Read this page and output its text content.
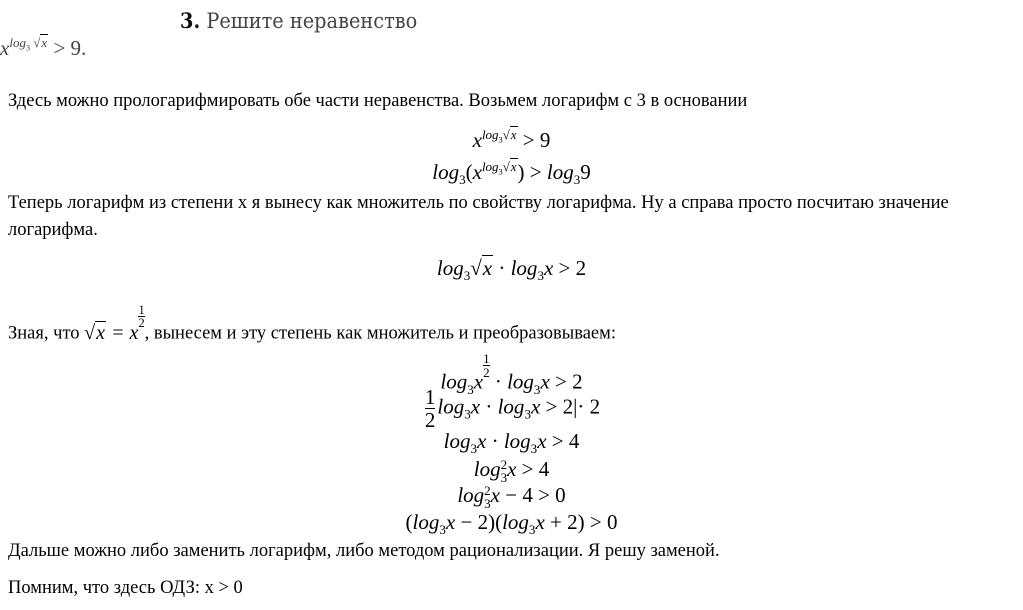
3. Решите неравенство
$x^{log_3 √x} > 9$.
Здесь можно прологарифмировать обе части неравенства. Возьмем логарифм с 3 в основании
$x^{log_3√x} > 9$
$\log_3(x^{log_3√x}) > \log_39$
Теперь логарифм из степени x я вынесу как множитель по свойству логарифма. Ну а справа просто посчитаю значение логарифма.
$\log_3√x \cdot \log_3x > 2$
Зная, что √x = x
$\frac{1}{2}$
, вынесем и эту степень как множитель и преобразовываем:
$\log_3x$
$\frac{1}{2}$
· $\log_3x > 2$
$\frac{1}{2} \log_3x \cdot \log_3x > 2|\cdot 2$
$\log_3x \cdot \log_3x > 4$
log 2
3 x > 4
log 2
3 x − 4 > 0
$(\log_3x - 2)(\log_3x + 2) > 0$
Дальше можно либо заменить логарифм, либо методом рационализации. Я решу заменой.
Помним, что здесь ОДЗ: x > 0
